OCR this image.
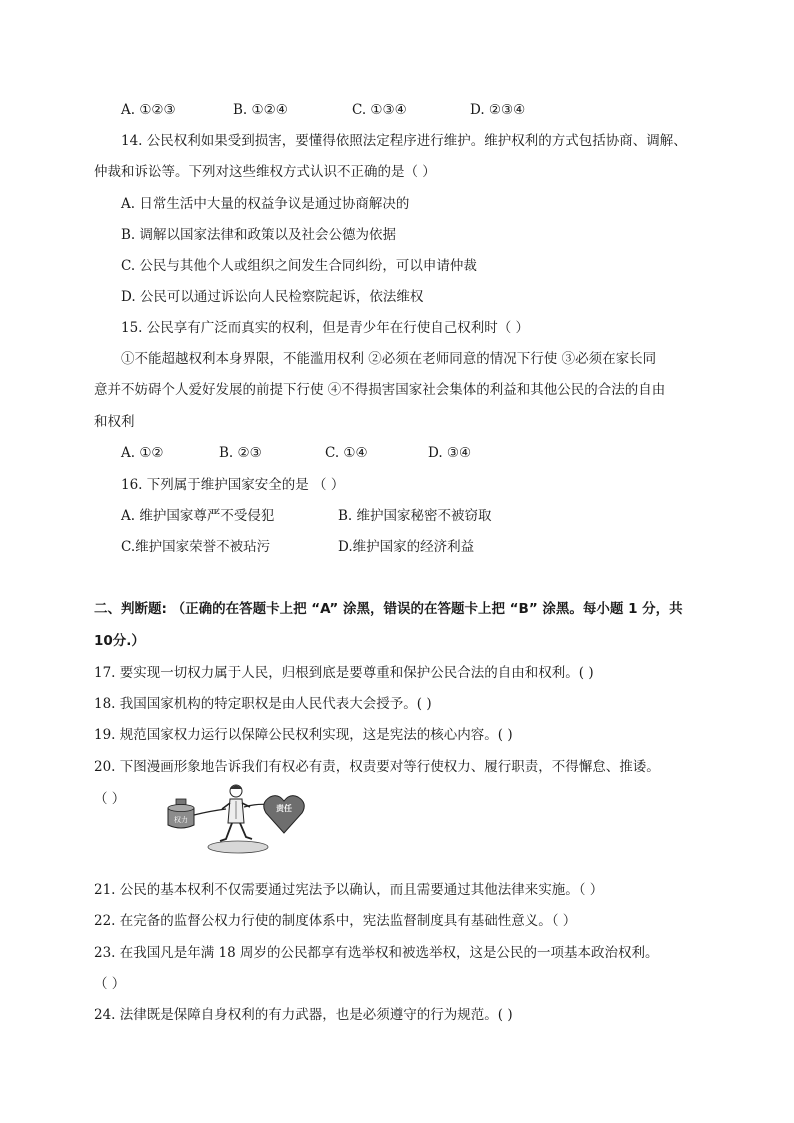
A. ①②③	B. ①②④	C. ①③④	D. ②③④
14. 公民权利如果受到损害，要懂得依照法定程序进行维护。维护权利的方式包括协商、调解、
仲裁和诉讼等。下列对这些维权方式认识不正确的是（ ）
A. 日常生活中大量的权益争议是通过协商解决的
B. 调解以国家法律和政策以及社会公德为依据
C. 公民与其他个人或组织之间发生合同纠纷，可以申请仲裁
D. 公民可以通过诉讼向人民检察院起诉，依法维权
15. 公民享有广泛而真实的权利，但是青少年在行使自己权利时（ ）
①不能超越权利本身界限，不能滥用权利 ②必须在老师同意的情况下行使 ③必须在家长同
意并不妨碍个人爱好发展的前提下行使 ④不得损害国家社会集体的利益和其他公民的合法的自由
和权利
A. ①②	B. ②③	C. ①④	D. ③④
16. 下列属于维护国家安全的是 （ ）
A. 维护国家尊严不受侵犯	B. 维护国家秘密不被窃取
C.维护国家荣誉不被玷污	D.维护国家的经济利益
二、判断题: （正确的在答题卡上把 “A” 涂黑，错误的在答题卡上把 “B” 涂黑。每小题 1 分，共
10分.）
17. 要实现一切权力属于人民，归根到底是要尊重和保护公民合法的自由和权利。( )
18. 我国国家机构的特定职权是由人民代表大会授予。( )
19. 规范国家权力运行以保障公民权利实现，这是宪法的核心内容。( )
20. 下图漫画形象地告诉我们有权必有责，权责要对等行使权力、履行职责，不得懈怠、推诿。
（ ）
权力
责任
21. 公民的基本权利不仅需要通过宪法予以确认，而且需要通过其他法律来实施。（ ）
22. 在完备的监督公权力行使的制度体系中，宪法监督制度具有基础性意义。（ ）
23. 在我国凡是年满 18 周岁的公民都享有选举权和被选举权，这是公民的一项基本政治权利。
（ ）
24. 法律既是保障自身权利的有力武器，也是必须遵守的行为规范。( )
